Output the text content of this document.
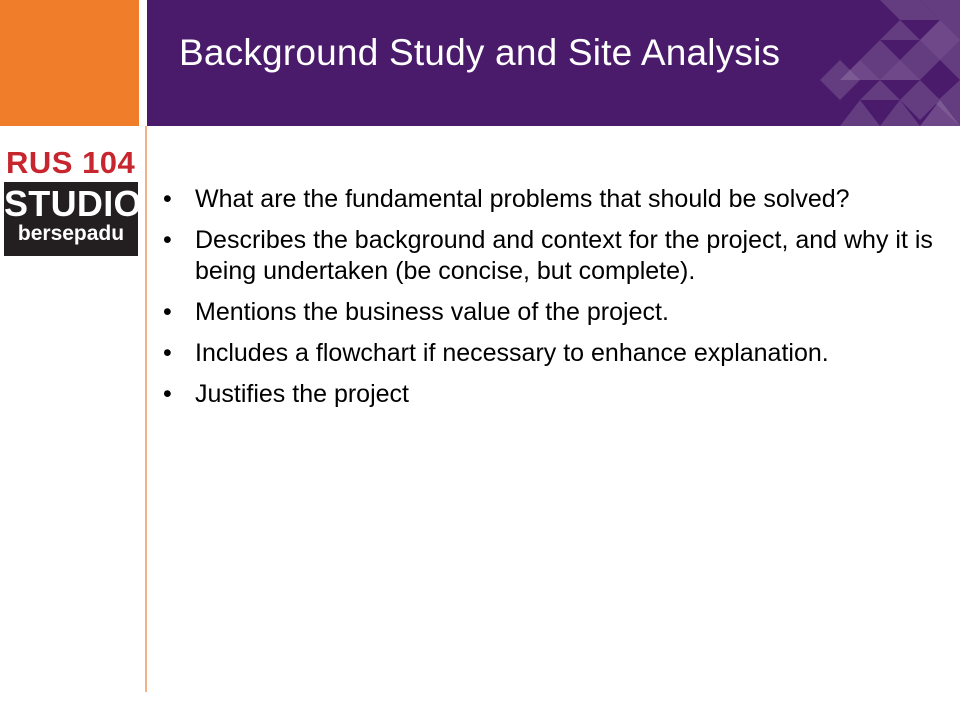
Background Study and Site Analysis
RUS 104
STUDIO
bersepadu
• What are the fundamental problems that should be solved?
• Describes the background and context for the project, and why it is being undertaken (be concise, but complete).
• Mentions the business value of the project.
• Includes a flowchart if necessary to enhance explanation.
• Justifies the project
